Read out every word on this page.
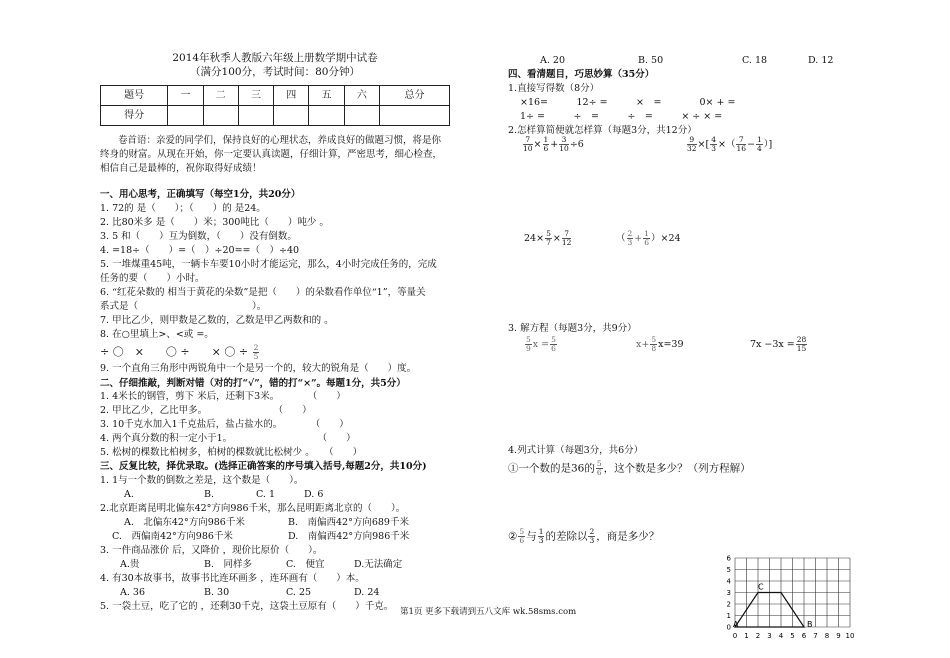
2014年秋季人教版六年级上册数学期中试卷
（满分100分，考试时间：80分钟）
题号	一	二	三	四	五	六	总分
得分							
卷首语：亲爱的同学们，保持良好的心理状态，养成良好的做题习惯，将是你
终身的财富。从现在开始，你一定要认真读题，仔细计算，严密思考，细心检查，
相信自己是最棒的，祝你取得好成绩！
一、用心思考，正确填写（每空1分，共20分）
1. 72的 是（　　）；（　　）的 是24。
2. 比80米多 是（　　）米；300吨比（　　）吨少 。
3. 5 和（　　）互为倒数，（　　）没有倒数。
4. =18÷（　　）=（　）÷20==（　）÷40
5. 一堆煤重45吨，一辆卡车要10小时才能运完，那么，4小时完成任务的，完成
任务的要（　　）小时。
6. “红花朵数的 相当于黄花的朵数”是把（　　）的朵数看作单位“1”，等量关
系式是（　　　　　　　　　　　　）。
7. 甲比乙少，则甲数是乙数的，乙数是甲乙两数和的 。
8. 在○里填上>、<或 =。
÷ 〇　×　　〇 ÷　　× 〇 ÷ $\frac{2}{5}$
9. 一个直角三角形中两锐角中一个是另一个的，较大的锐角是（　　）度。
二、仔细推敲，判断对错（对的打“√”，错的打“×”。每题1分，共5分）
1. 4米长的钢管，剪下 米后，还剩下3米。　　　　（　　）
2. 甲比乙少，乙比甲多。　　　　　　　　（　　）
3. 10千克水加入1千克盐后，盐占盐水的。　　　　（　　）
4. 两个真分数的积一定小于1。　　　　　　　　　　（　　）
5. 松树的棵数比柏树多，柏树的棵数就比松树少 。　　（　　）
三、反复比较，择优录取。(选择正确答案的序号填入括号,每题2分，共10分)
1. 1与一个数的倒数之差是，这个数是（　　）。
A.	B.	C. 1	D. 6
2.北京距离昆明北偏东42°方向986千米，那么昆明距离北京的（　　）。
A.　北偏东42°方向986千米	B.　南偏西42°方向689千米
C.　西偏南42°方向986千米	D.　南偏西42°方向986千米
3. 一件商品涨价 后，又降价 ，现价比原价（　　）。
A.贵	B.　同样多	C.　便宜	D.无法确定
4. 有30本故事书，故事书比连环画多 ，连环画有（　　）本。
A. 36	B. 30	C. 25	D. 24
5. 一袋土豆，吃了它的 ，还剩30千克，这袋土豆原有（　　）千克。
A. 20	B. 50	C. 18	D. 12
四、看清题目，巧思妙算（35分）
1.直接写得数（8分）
×16=　　　12÷ =　　　×　=　　　　0× + =
1÷ =　　　÷　=　　　÷　=　　　× ÷ × =
2.怎样算简便就怎样算（每题3分，共12分）
$\frac{7}{10} \times \frac{1}{6} + \frac{3}{10} \div 6$	$\frac{9}{32}$ ×[ $\frac{4}{3}$ ×（ $\frac{7}{16} - \frac{1}{4}$ ）]
$24\times \frac{5}{7} \times \frac{7}{12}$	（ $\frac{2}{3} + \frac{1}{6} )\times 24$
3. 解方程（每题3分，共9分）
$\frac{5}{9}$ $x = \frac{5}{6}$	$x+ \frac{5}{8} x=39$	$7x -3x = \frac{28}{15}$
4.列式计算（每题3分，共6分）
①一个数的是36的 $\frac{5}{6}$ ，这个数是多少？（列方程解）
② $\frac{5}{6}$ 与 $\frac{1}{3}$ 的差除以 $\frac{2}{3}$ ，商是多少？
0 1 2 3 4 5 6 7 8 9 10
0
1
2
3
4
5
6
A	B
C
第1页 更多下载请到五八文库 wk.58sms.com
